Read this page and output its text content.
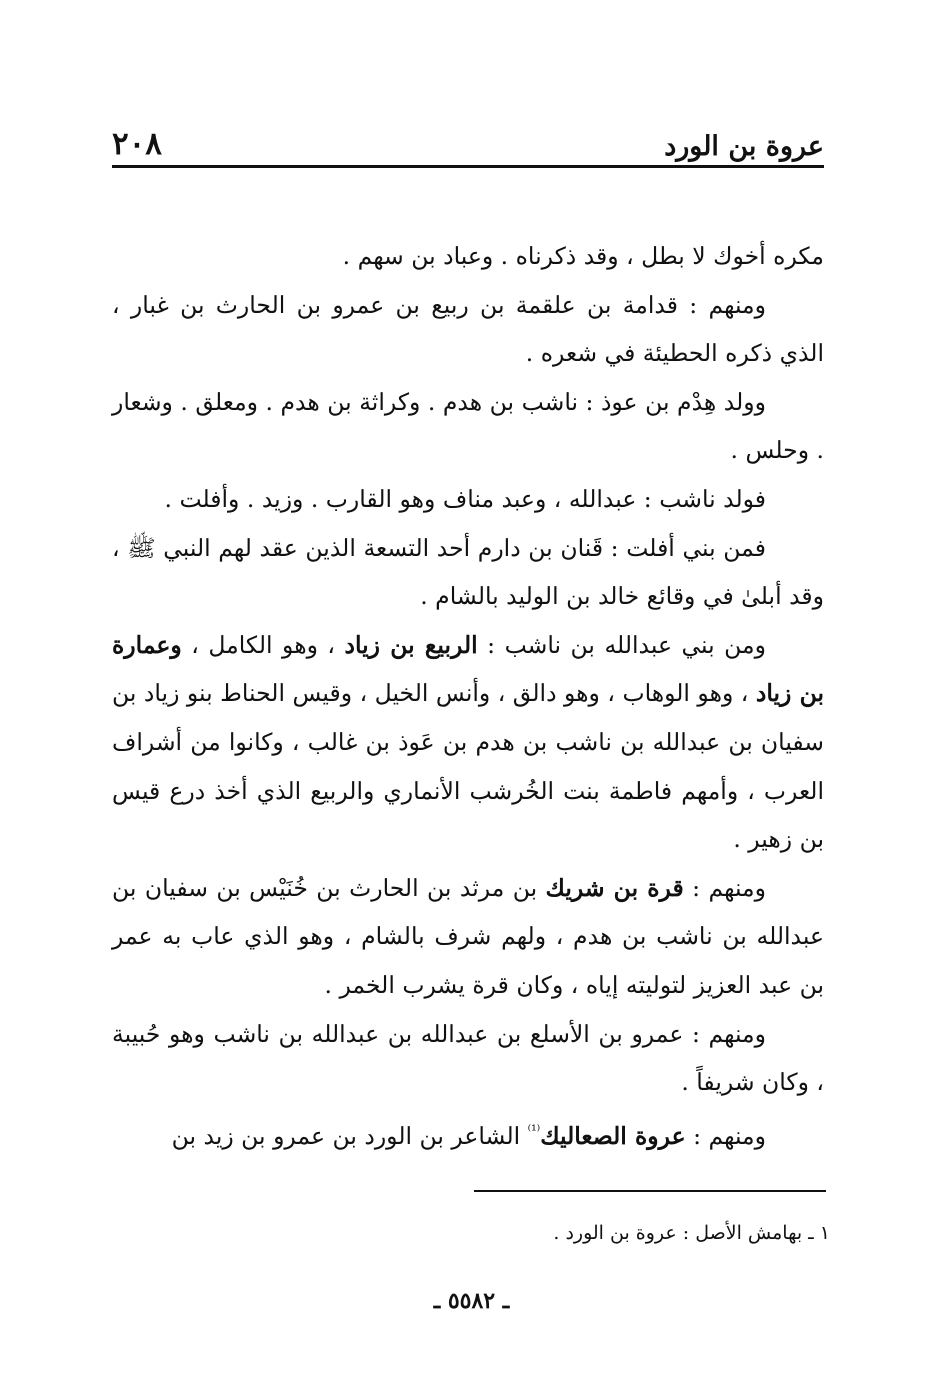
٢٠٨	عروة بن الورد

مكره أخوك لا بطل ، وقد ذكرناه . وعباد بن سهم .

ومنهم : قدامة بن علقمة بن ربيع بن عمرو بن الحارث بن غبار ، الذي ذكره الحطيئة في شعره .

وولد هِدْم بن عوذ : ناشب بن هدم . وكراثة بن هدم . ومعلق . وشعار . وحلس .

فولد ناشب : عبدالله ، وعبد مناف وهو القارب . وزيد . وأفلت .

فمن بني أفلت : قَنان بن دارم أحد التسعة الذين عقد لهم النبي ﷺ ، وقد أبلىٰ في وقائع خالد بن الوليد بالشام .

ومن بني عبدالله بن ناشب : الربيع بن زياد ، وهو الكامل ، وعمارة بن زياد ، وهو الوهاب ، وهو دالق ، وأنس الخيل ، وقيس الحناط بنو زياد بن سفيان بن عبدالله بن ناشب بن هدم بن عَوذ بن غالب ، وكانوا من أشراف العرب ، وأمهم فاطمة بنت الخُرشب الأنماري والربيع الذي أخذ درع قيس بن زهير .

ومنهم : قرة بن شريك بن مرثد بن الحارث بن خُنَيْس بن سفيان بن عبدالله بن ناشب بن هدم ، ولهم شرف بالشام ، وهو الذي عاب به عمر بن عبد العزيز لتوليته إياه ، وكان قرة يشرب الخمر .

ومنهم : عمرو بن الأسلع بن عبدالله بن عبدالله بن ناشب وهو حُبيبة ، وكان شريفاً .

ومنهم : عروة الصعاليك$^{^{(1)}}$ الشاعر بن الورد بن عمرو بن زيد بن

١ ـ بهامش الأصل : عروة بن الورد .
ـ ٥٥٨٢ ـ
